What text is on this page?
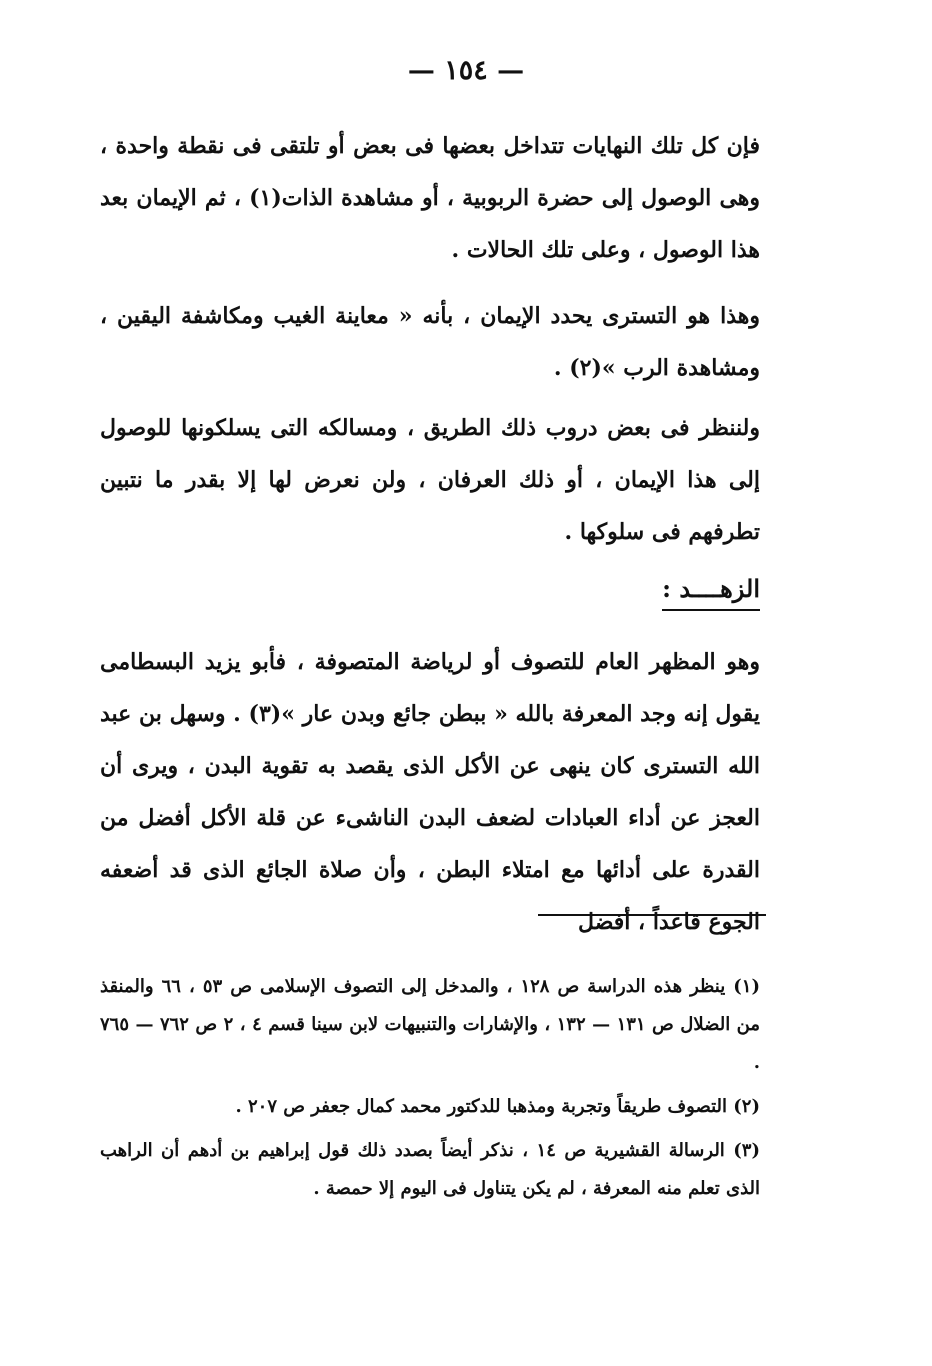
— ١٥٤ —

فإن كل تلك النهايات تتداخل بعضها فى بعض أو تلتقى فى نقطة واحدة ، وهى الوصول إلى حضرة الربوبية ، أو مشاهدة الذات(١) ، ثم الإيمان بعد هذا الوصول ، وعلى تلك الحالات .

وهذا هو التسترى يحدد الإيمان ، بأنه « معاينة الغيب ومكاشفة اليقين ، ومشاهدة الرب »(٢) .

ولننظر فى بعض دروب ذلك الطريق ، ومسالكه التى يسلكونها للوصول إلى هذا الإيمان ، أو ذلك العرفان ، ولن نعرض لها إلا بقدر ما نتبين تطرفهم فى سلوكها .

الزهــــد :

وهو المظهر العام للتصوف أو لرياضة المتصوفة ، فأبو يزيد البسطامى يقول إنه وجد المعرفة بالله « ببطن جائع وبدن عار »(٣) . وسهل بن عبد الله التسترى كان ينهى عن الأكل الذى يقصد به تقوية البدن ، ويرى أن العجز عن أداء العبادات لضعف البدن الناشىء عن قلة الأكل أفضل من القدرة على أدائها مع امتلاء البطن ، وأن صلاة الجائع الذى قد أضعفه الجوع قاعداً ، أفضل

(١) ينظر هذه الدراسة ص ١٢٨ ، والمدخل إلى التصوف الإسلامى ص ٥٣ ، ٦٦ والمنقذ من الضلال ص ١٣١ — ١٣٢ ، والإشارات والتنبيهات لابن سينا قسم ٤ ، ٢ ص ٧٦٢ — ٧٦٥ .

(٢) التصوف طريقاً وتجربة ومذهبا للدكتور محمد كمال جعفر ص ٢٠٧ .

(٣) الرسالة القشيرية ص ١٤ ، نذكر أيضاً بصدد ذلك قول إبراهيم بن أدهم أن الراهب الذى تعلم منه المعرفة ، لم يكن يتناول فى اليوم إلا حمصة .
